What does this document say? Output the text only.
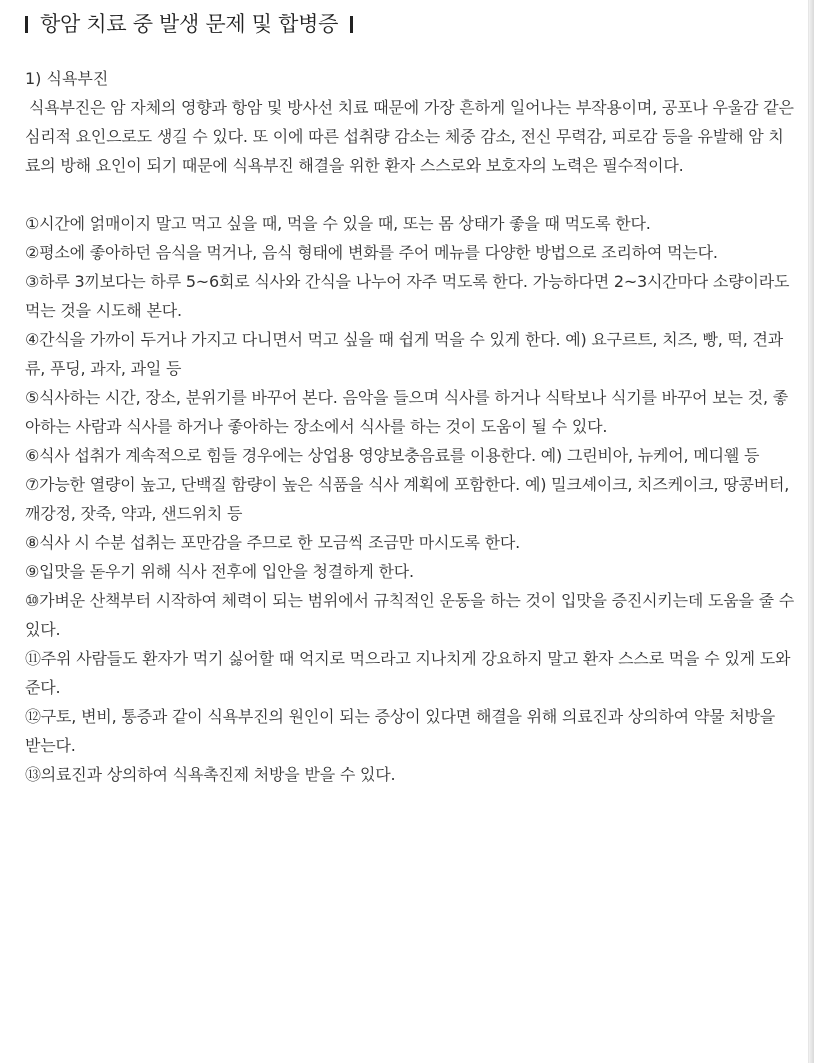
항암 치료 중 발생 문제 및 합병증
1) 식욕부진
식욕부진은 암 자체의 영향과 항암 및 방사선 치료 때문에 가장 흔하게 일어나는 부작용이며, 공포나 우울감 같은 심리적 요인으로도 생길 수 있다. 또 이에 따른 섭취량 감소는 체중 감소, 전신 무력감, 피로감 등을 유발해 암 치료의 방해 요인이 되기 때문에 식욕부진 해결을 위한 환자 스스로와 보호자의 노력은 필수적이다.
①시간에 얽매이지 말고 먹고 싶을 때, 먹을 수 있을 때, 또는 몸 상태가 좋을 때 먹도록 한다.
②평소에 좋아하던 음식을 먹거나, 음식 형태에 변화를 주어 메뉴를 다양한 방법으로 조리하여 먹는다.
③하루 3끼보다는 하루 5~6회로 식사와 간식을 나누어 자주 먹도록 한다. 가능하다면 2~3시간마다 소량이라도 먹는 것을 시도해 본다.
④간식을 가까이 두거나 가지고 다니면서 먹고 싶을 때 쉽게 먹을 수 있게 한다. 예) 요구르트, 치즈, 빵, 떡, 견과류, 푸딩, 과자, 과일 등
⑤식사하는 시간, 장소, 분위기를 바꾸어 본다. 음악을 들으며 식사를 하거나 식탁보나 식기를 바꾸어 보는 것, 좋아하는 사람과 식사를 하거나 좋아하는 장소에서 식사를 하는 것이 도움이 될 수 있다.
⑥식사 섭취가 계속적으로 힘들 경우에는 상업용 영양보충음료를 이용한다. 예) 그린비아, 뉴케어, 메디웰 등
⑦가능한 열량이 높고, 단백질 함량이 높은 식품을 식사 계획에 포함한다. 예) 밀크셰이크, 치즈케이크, 땅콩버터, 깨강정, 잣죽, 약과, 샌드위치 등
⑧식사 시 수분 섭취는 포만감을 주므로 한 모금씩 조금만 마시도록 한다.
⑨입맛을 돋우기 위해 식사 전후에 입안을 청결하게 한다.
⑩가벼운 산책부터 시작하여 체력이 되는 범위에서 규칙적인 운동을 하는 것이 입맛을 증진시키는데 도움을 줄 수 있다.
⑪주위 사람들도 환자가 먹기 싫어할 때 억지로 먹으라고 지나치게 강요하지 말고 환자 스스로 먹을 수 있게 도와준다.
⑫구토, 변비, 통증과 같이 식욕부진의 원인이 되는 증상이 있다면 해결을 위해 의료진과 상의하여 약물 처방을 받는다.
⑬의료진과 상의하여 식욕촉진제 처방을 받을 수 있다.
